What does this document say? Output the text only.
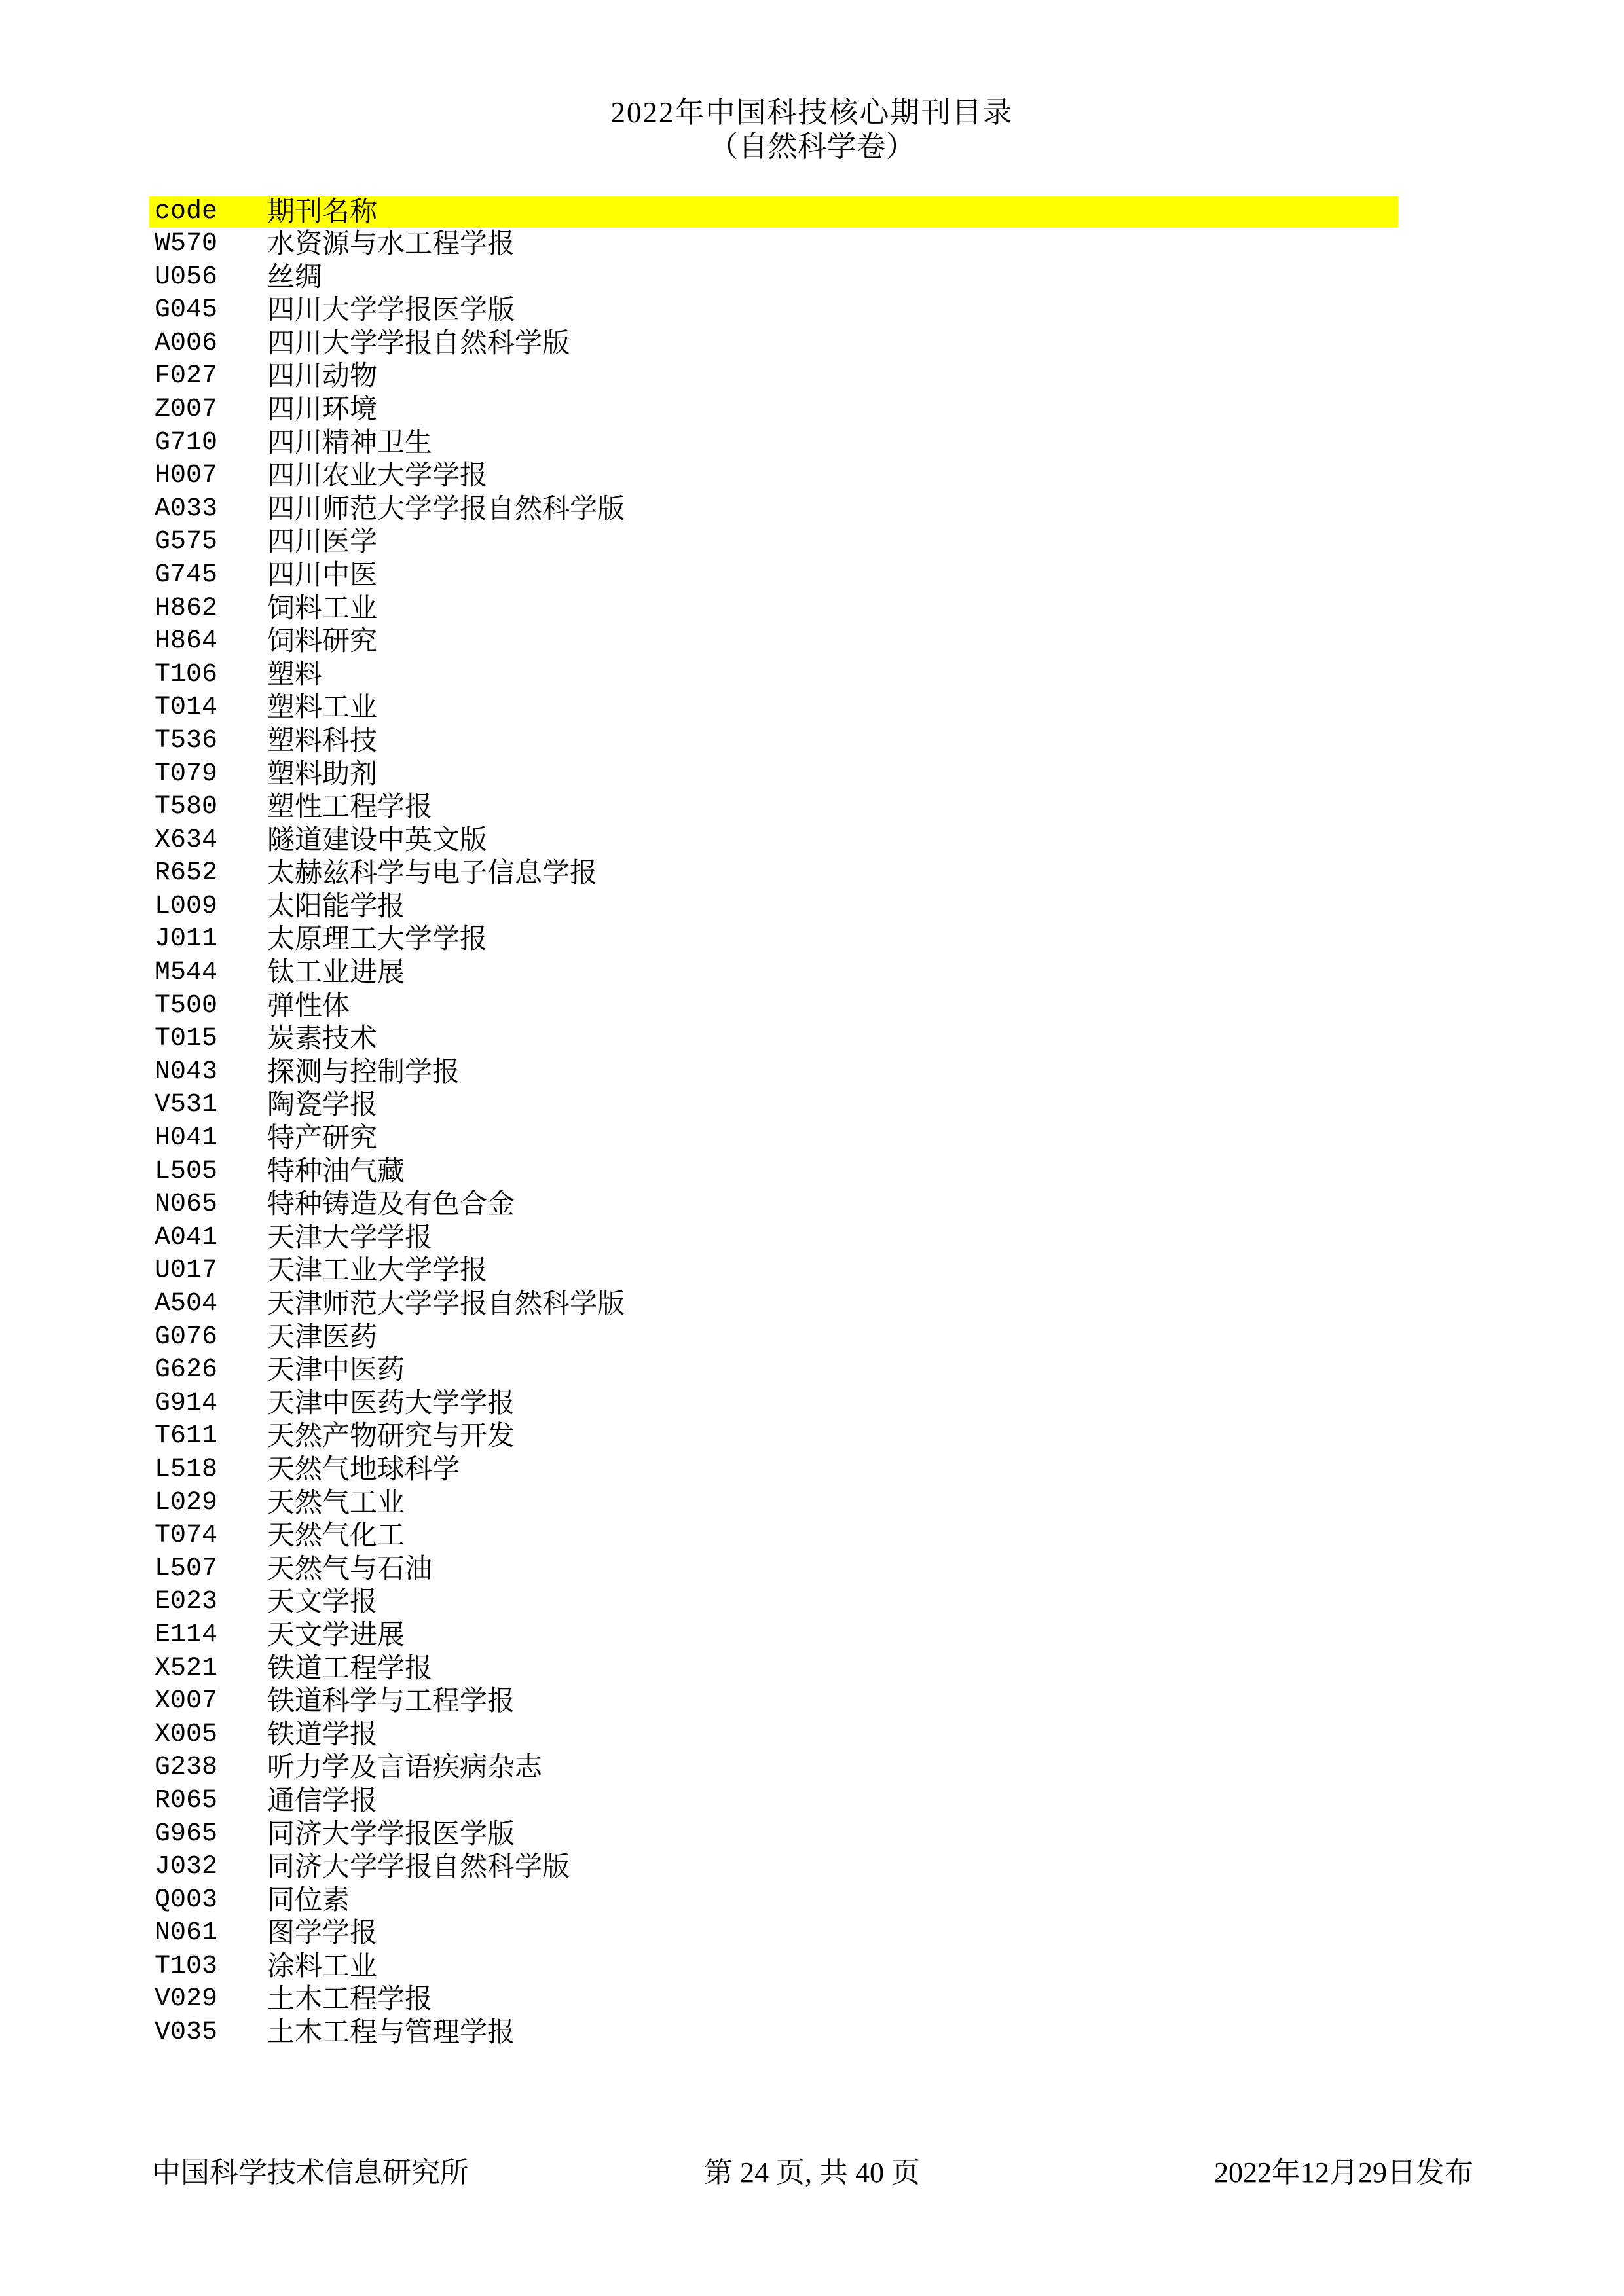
2022年中国科技核心期刊目录
（自然科学卷）
code	期刊名称
W570	水资源与水工程学报
U056	丝绸
G045	四川大学学报医学版
A006	四川大学学报自然科学版
F027	四川动物
Z007	四川环境
G710	四川精神卫生
H007	四川农业大学学报
A033	四川师范大学学报自然科学版
G575	四川医学
G745	四川中医
H862	饲料工业
H864	饲料研究
T106	塑料
T014	塑料工业
T536	塑料科技
T079	塑料助剂
T580	塑性工程学报
X634	隧道建设中英文版
R652	太赫兹科学与电子信息学报
L009	太阳能学报
J011	太原理工大学学报
M544	钛工业进展
T500	弹性体
T015	炭素技术
N043	探测与控制学报
V531	陶瓷学报
H041	特产研究
L505	特种油气藏
N065	特种铸造及有色合金
A041	天津大学学报
U017	天津工业大学学报
A504	天津师范大学学报自然科学版
G076	天津医药
G626	天津中医药
G914	天津中医药大学学报
T611	天然产物研究与开发
L518	天然气地球科学
L029	天然气工业
T074	天然气化工
L507	天然气与石油
E023	天文学报
E114	天文学进展
X521	铁道工程学报
X007	铁道科学与工程学报
X005	铁道学报
G238	听力学及言语疾病杂志
R065	通信学报
G965	同济大学学报医学版
J032	同济大学学报自然科学版
Q003	同位素
N061	图学学报
T103	涂料工业
V029	土木工程学报
V035	土木工程与管理学报
中国科学技术信息研究所	第 24 页, 共 40 页	2022年12月29日发布
